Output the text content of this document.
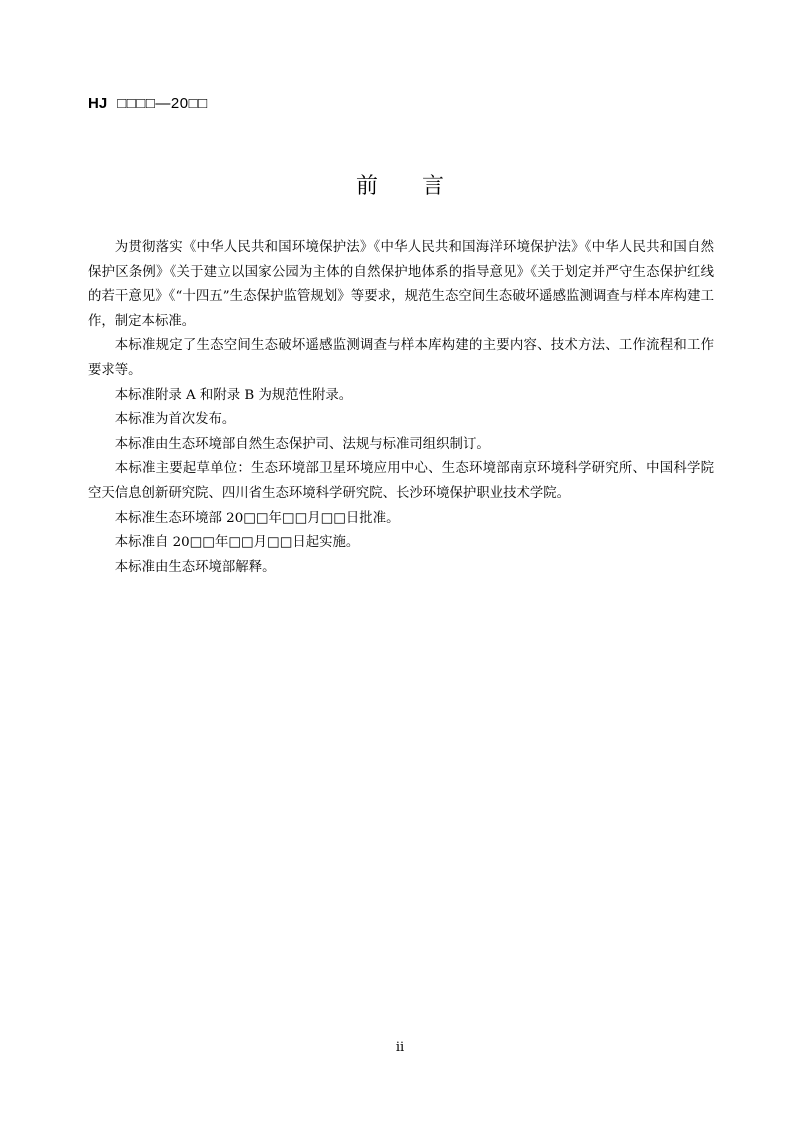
HJ □□□□—20□□
前 言

为贯彻落实《中华人民共和国环境保护法》《中华人民共和国海洋环境保护法》《中华人民共和国自然保护区条例》《关于建立以国家公园为主体的自然保护地体系的指导意见》《关于划定并严守生态保护红线的若干意见》《“十四五”生态保护监管规划》等要求，规范生态空间生态破坏遥感监测调查与样本库构建工作，制定本标准。

本标准规定了生态空间生态破坏遥感监测调查与样本库构建的主要内容、技术方法、工作流程和工作要求等。

本标准附录 A 和附录 B 为规范性附录。

本标准为首次发布。

本标准由生态环境部自然生态保护司、法规与标准司组织制订。

本标准主要起草单位：生态环境部卫星环境应用中心、生态环境部南京环境科学研究所、中国科学院空天信息创新研究院、四川省生态环境科学研究院、长沙环境保护职业技术学院。

本标准生态环境部 20□□年□□月□□日批准。

本标准自 20□□年□□月□□日起实施。

本标准由生态环境部解释。

ii
